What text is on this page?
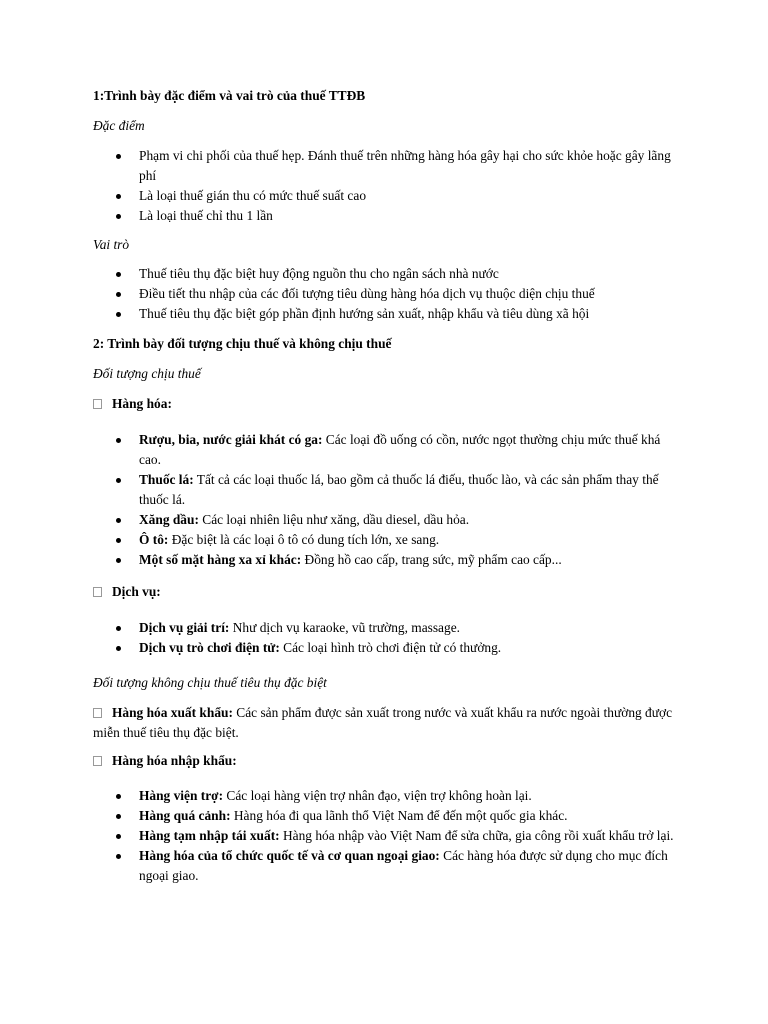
1:Trình bày đặc điểm và vai trò của thuế TTĐB

Đặc điểm

Phạm vi chi phối của thuế hẹp. Đánh thuế trên những hàng hóa gây hại cho sức khỏe hoặc gây lãng phí
Là loại thuế gián thu có mức thuế suất cao
Là loại thuế chỉ thu 1 lần

Vai trò

Thuế tiêu thụ đặc biệt huy động nguồn thu cho ngân sách nhà nước
Điều tiết thu nhập của các đối tượng tiêu dùng hàng hóa dịch vụ thuộc diện chịu thuế
Thuế tiêu thụ đặc biệt góp phần định hướng sản xuất, nhập khẩu và tiêu dùng xã hội

2: Trình bày đối tượng chịu thuế và không chịu thuế

Đối tượng chịu thuế

Hàng hóa:

Rượu, bia, nước giải khát có ga: Các loại đồ uống có cồn, nước ngọt thường chịu mức thuế khá cao.
Thuốc lá: Tất cả các loại thuốc lá, bao gồm cả thuốc lá điếu, thuốc lào, và các sản phẩm thay thế thuốc lá.
Xăng dầu: Các loại nhiên liệu như xăng, dầu diesel, dầu hỏa.
Ô tô: Đặc biệt là các loại ô tô có dung tích lớn, xe sang.
Một số mặt hàng xa xỉ khác: Đồng hồ cao cấp, trang sức, mỹ phẩm cao cấp...

Dịch vụ:

Dịch vụ giải trí: Như dịch vụ karaoke, vũ trường, massage.
Dịch vụ trò chơi điện tử: Các loại hình trò chơi điện tử có thưởng.

Đối tượng không chịu thuế tiêu thụ đặc biệt

Hàng hóa xuất khẩu: Các sản phẩm được sản xuất trong nước và xuất khẩu ra nước ngoài thường được miễn thuế tiêu thụ đặc biệt.

Hàng hóa nhập khẩu:

Hàng viện trợ: Các loại hàng viện trợ nhân đạo, viện trợ không hoàn lại.
Hàng quá cảnh: Hàng hóa đi qua lãnh thổ Việt Nam để đến một quốc gia khác.
Hàng tạm nhập tái xuất: Hàng hóa nhập vào Việt Nam để sửa chữa, gia công rồi xuất khẩu trở lại.
Hàng hóa của tổ chức quốc tế và cơ quan ngoại giao: Các hàng hóa được sử dụng cho mục đích ngoại giao.
